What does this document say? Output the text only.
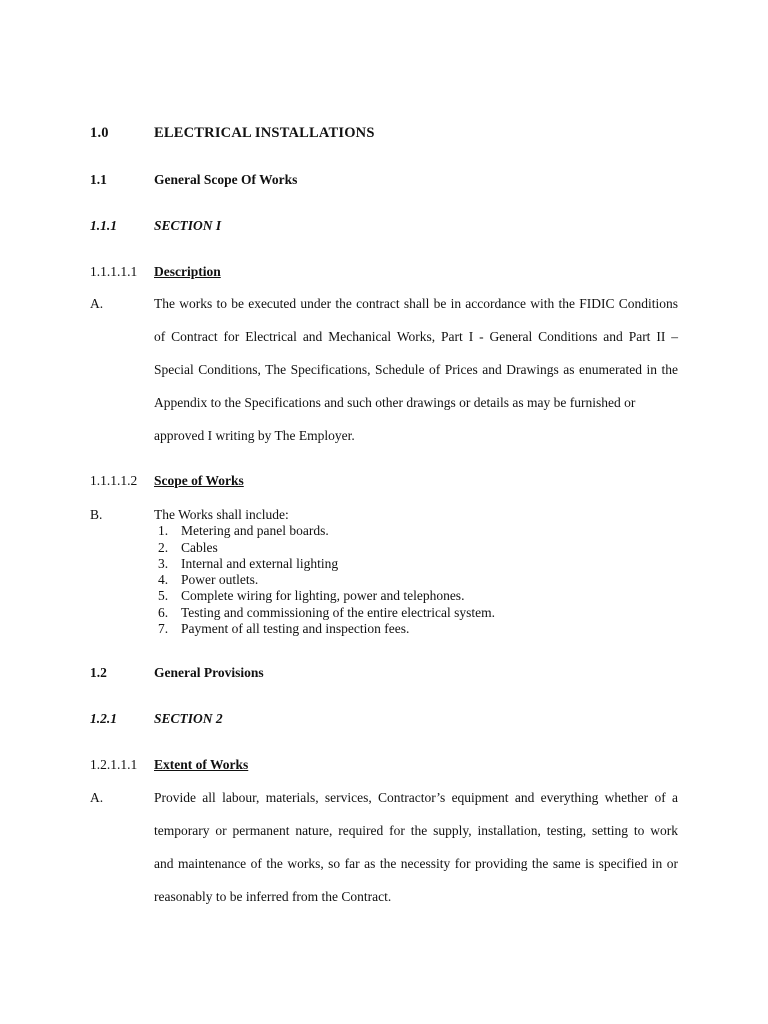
1.0	ELECTRICAL INSTALLATIONS
1.1	General Scope Of Works
1.1.1	SECTION I
1.1.1.1.1 Description
A.	The works to be executed under the contract shall be in accordance with the FIDIC Conditions
of Contract for Electrical and Mechanical Works, Part I - General Conditions and Part II –
Special Conditions, The Specifications, Schedule of Prices and Drawings as enumerated in the
Appendix to the Specifications and such other drawings or details as may be furnished or
approved I writing by The Employer.
1.1.1.1.2 Scope of Works
B.	The Works shall include:
1. Metering and panel boards.
2. Cables
3. Internal and external lighting
4. Power outlets.
5. Complete wiring for lighting, power and telephones.
6. Testing and commissioning of the entire electrical system.
7. Payment of all testing and inspection fees.
1.2	General Provisions
1.2.1	SECTION 2
1.2.1.1.1 Extent of Works
A.	Provide all labour, materials, services, Contractor’s equipment and everything whether of a
temporary or permanent nature, required for the supply, installation, testing, setting to work
and maintenance of the works, so far as the necessity for providing the same is specified in or
reasonably to be inferred from the Contract.
